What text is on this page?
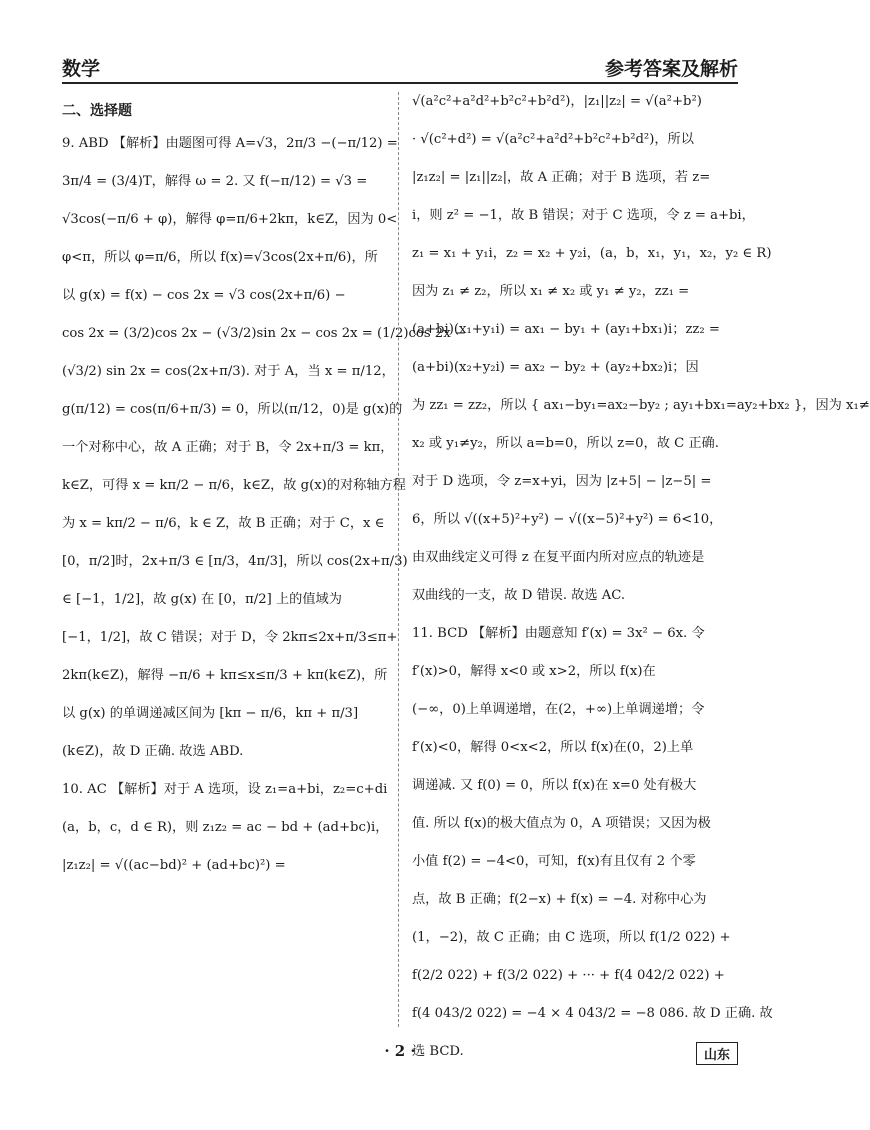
数学	参考答案及解析
二、选择题

9. ABD 【解析】由题图可得 A=√3，2π/3 −(−π/12) =

3π/4 = (3/4)T，解得 ω = 2. 又 f(−π/12) = √3 =

√3cos(−π/6 + φ)，解得 φ=π/6+2kπ，k∈Z，因为 0<

φ<π，所以 φ=π/6，所以 f(x)=√3cos(2x+π/6)，所

以 g(x) = f(x) − cos 2x = √3 cos(2x+π/6) −

cos 2x = (3/2)cos 2x − (√3/2)sin 2x − cos 2x = (1/2)cos 2x −

(√3/2) sin 2x = cos(2x+π/3). 对于 A，当 x = π/12，

g(π/12) = cos(π/6+π/3) = 0，所以(π/12，0)是 g(x)的

一个对称中心，故 A 正确；对于 B，令 2x+π/3 = kπ，

k∈Z，可得 x = kπ/2 − π/6，k∈Z，故 g(x)的对称轴方程

为 x = kπ/2 − π/6，k ∈ Z，故 B 正确；对于 C，x ∈

[0，π/2]时，2x+π/3 ∈ [π/3，4π/3]，所以 cos(2x+π/3)

∈ [−1，1/2]，故 g(x) 在 [0，π/2] 上的值域为

[−1，1/2]，故 C 错误；对于 D，令 2kπ≤2x+π/3≤π+

2kπ(k∈Z)，解得 −π/6 + kπ≤x≤π/3 + kπ(k∈Z)，所

以 g(x) 的单调递减区间为 [kπ − π/6，kπ + π/3]

(k∈Z)，故 D 正确. 故选 ABD.

10. AC 【解析】对于 A 选项，设 z₁=a+bi，z₂=c+di

(a，b，c，d ∈ R)，则 z₁z₂ = ac − bd + (ad+bc)i，

|z₁z₂| = √((ac−bd)² + (ad+bc)²) =

√(a²c²+a²d²+b²c²+b²d²)，|z₁||z₂| = √(a²+b²)

· √(c²+d²) = √(a²c²+a²d²+b²c²+b²d²)，所以

|z₁z₂| = |z₁||z₂|，故 A 正确；对于 B 选项，若 z=

i，则 z² = −1，故 B 错误；对于 C 选项，令 z = a+bi，

z₁ = x₁ + y₁i，z₂ = x₂ + y₂i，(a，b，x₁，y₁，x₂，y₂ ∈ R)

因为 z₁ ≠ z₂，所以 x₁ ≠ x₂ 或 y₁ ≠ y₂，zz₁ =

(a+bi)(x₁+y₁i) = ax₁ − by₁ + (ay₁+bx₁)i；zz₂ =

(a+bi)(x₂+y₂i) = ax₂ − by₂ + (ay₂+bx₂)i；因

为 zz₁ = zz₂，所以 { ax₁−by₁=ax₂−by₂ ; ay₁+bx₁=ay₂+bx₂ }，因为 x₁≠

x₂ 或 y₁≠y₂，所以 a=b=0，所以 z=0，故 C 正确.

对于 D 选项，令 z=x+yi，因为 |z+5| − |z−5| =

6，所以 √((x+5)²+y²) − √((x−5)²+y²) = 6<10，

由双曲线定义可得 z 在复平面内所对应点的轨迹是

双曲线的一支，故 D 错误. 故选 AC.

11. BCD 【解析】由题意知 f′(x) = 3x² − 6x. 令

f′(x)>0，解得 x<0 或 x>2，所以 f(x)在

(−∞，0)上单调递增，在(2，+∞)上单调递增；令

f′(x)<0，解得 0<x<2，所以 f(x)在(0，2)上单

调递减. 又 f(0) = 0，所以 f(x)在 x=0 处有极大

值. 所以 f(x)的极大值点为 0，A 项错误；又因为极

小值 f(2) = −4<0，可知，f(x)有且仅有 2 个零

点，故 B 正确；f(2−x) + f(x) = −4. 对称中心为

(1，−2)，故 C 正确；由 C 选项，所以 f(1/2 022) +

f(2/2 022) + f(3/2 022) + ··· + f(4 042/2 022) +

f(4 043/2 022) = −4 × 4 043/2 = −8 086. 故 D 正确. 故

选 BCD.

· 2 ·	山东
